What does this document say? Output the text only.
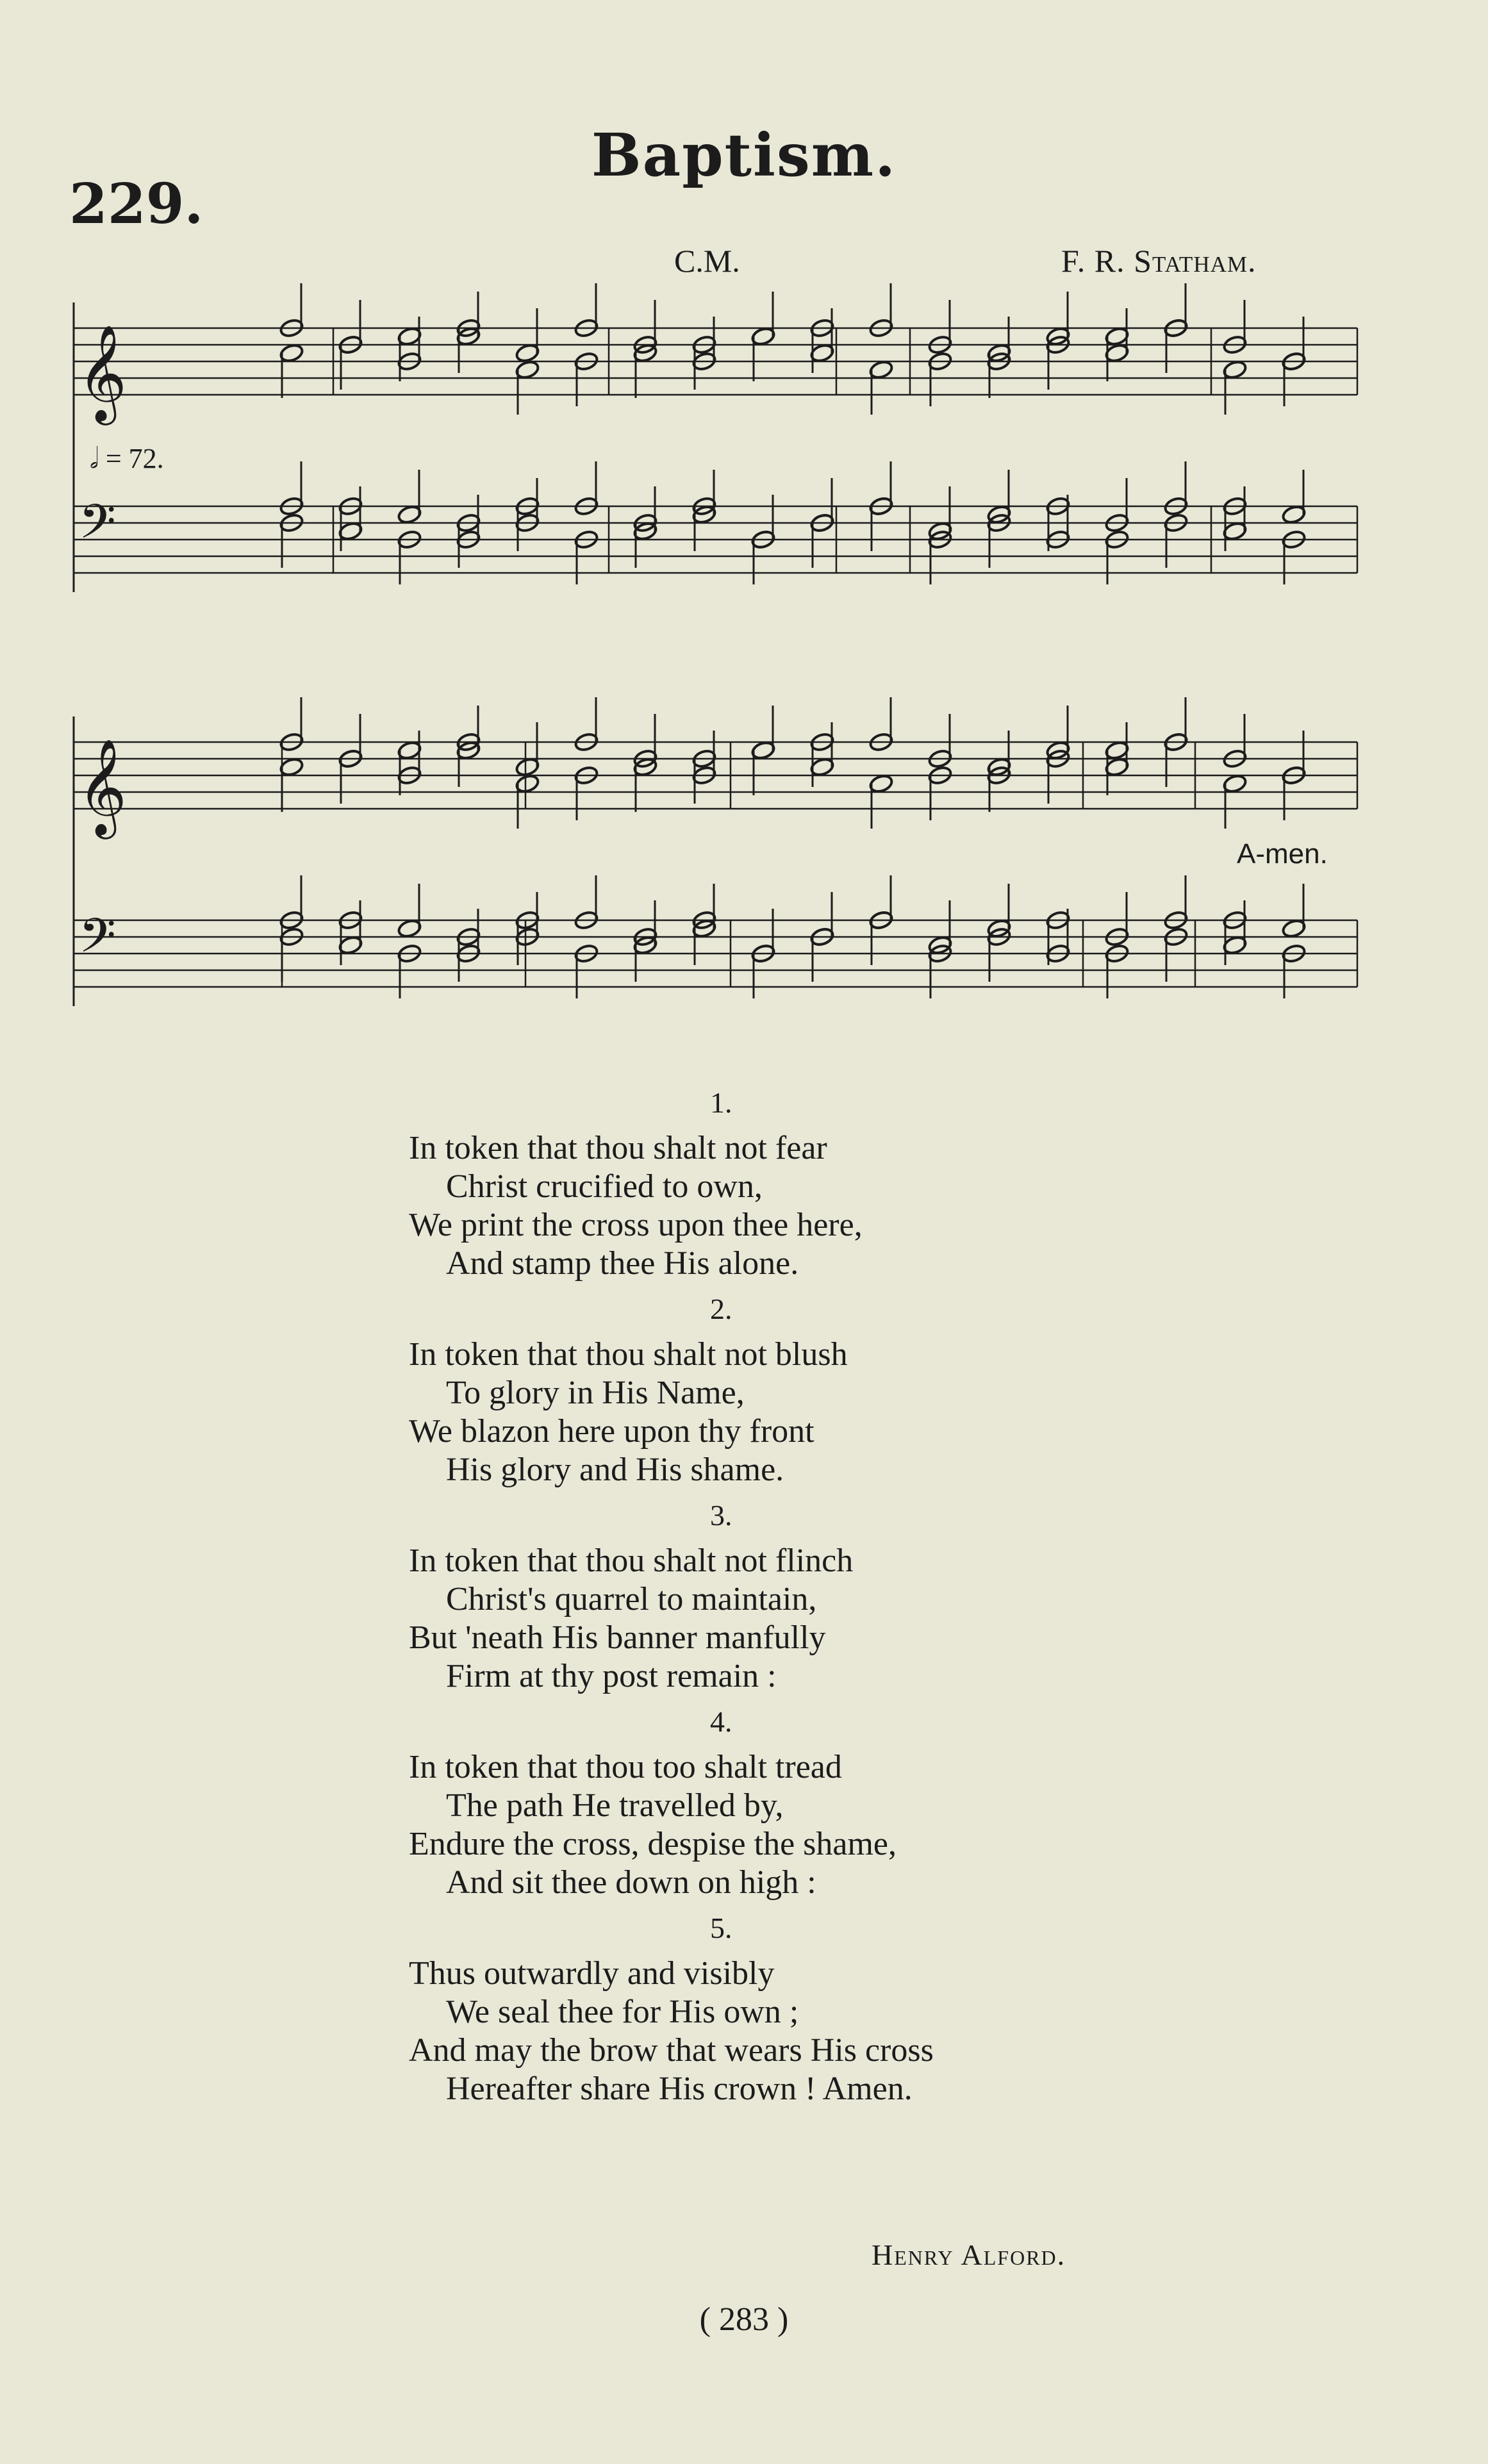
229.
Baptism.
C.M.	F. R. Statham.
𝄞
𝄢
𝄞
𝄢
𝅗𝅥 = 72.
A-men.
1.
In token that thou shalt not fear
Christ crucified to own,
We print the cross upon thee here,
And stamp thee His alone.
2.
In token that thou shalt not blush
To glory in His Name,
We blazon here upon thy front
His glory and His shame.
3.
In token that thou shalt not flinch
Christ's quarrel to maintain,
But 'neath His banner manfully
Firm at thy post remain :
4.
In token that thou too shalt tread
The path He travelled by,
Endure the cross, despise the shame,
And sit thee down on high :
5.
Thus outwardly and visibly
We seal thee for His own ;
And may the brow that wears His cross
Hereafter share His crown ! Amen.
Henry Alford.
( 283 )
